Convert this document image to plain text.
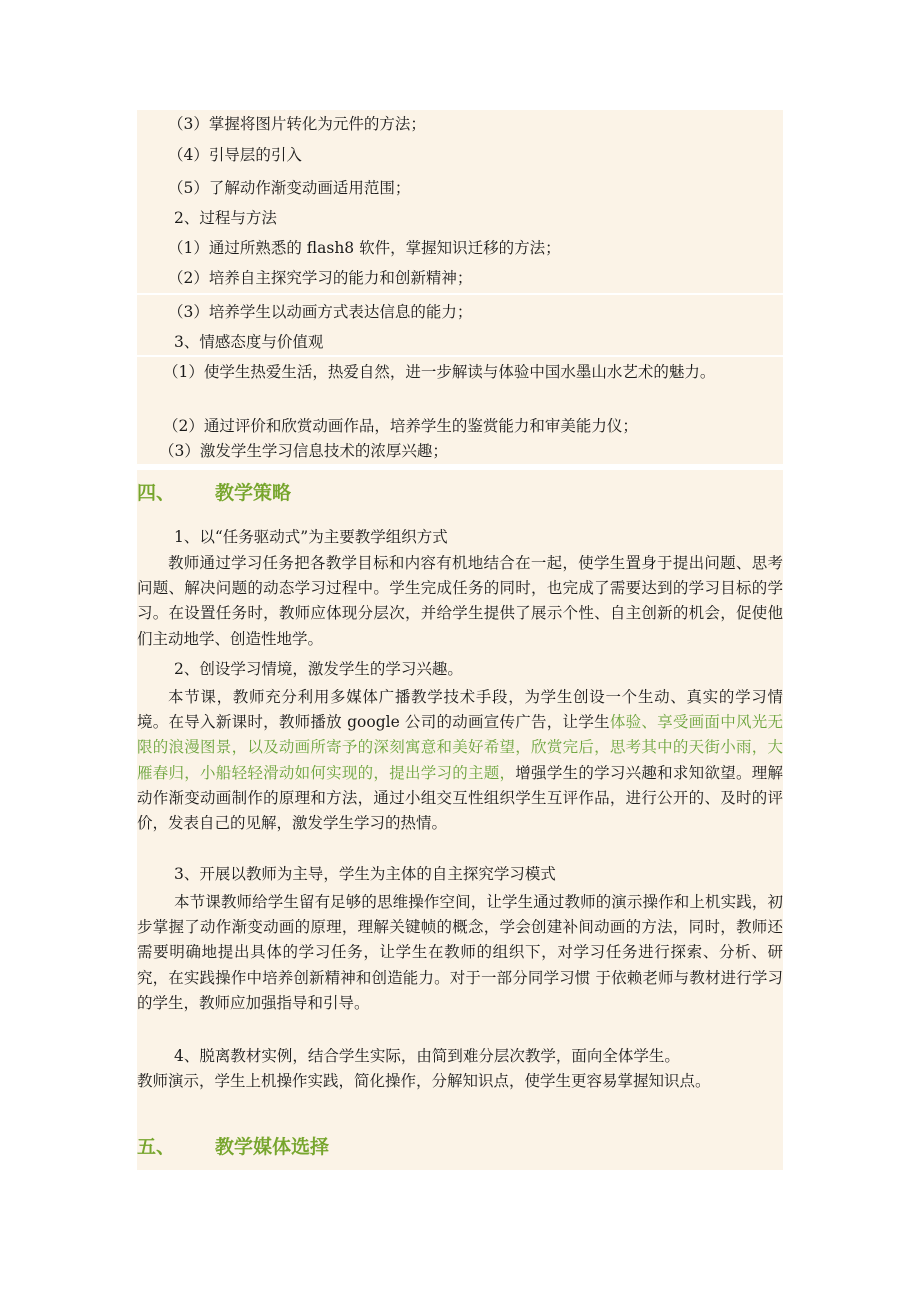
（3）掌握将图片转化为元件的方法；
（4）引导层的引入
（5）了解动作渐变动画适用范围；
2、过程与方法
（1）通过所熟悉的 flash8 软件，掌握知识迁移的方法；
（2）培养自主探究学习的能力和创新精神；
（3）培养学生以动画方式表达信息的能力；
3、情感态度与价值观
（1）使学生热爱生活，热爱自然，进一步解读与体验中国水墨山水艺术的魅力。
（2）通过评价和欣赏动画作品，培养学生的鉴赏能力和审美能力仪；
（3）激发学生学习信息技术的浓厚兴趣；
四、 教学策略
1、以“任务驱动式”为主要教学组织方式
教师通过学习任务把各教学目标和内容有机地结合在一起，使学生置身于提出问题、思考问题、解决问题的动态学习过程中。学生完成任务的同时，也完成了需要达到的学习目标的学习。在设置任务时，教师应体现分层次，并给学生提供了展示个性、自主创新的机会，促使他们主动地学、创造性地学。
2、创设学习情境，激发学生的学习兴趣。
本节课，教师充分利用多媒体广播教学技术手段，为学生创设一个生动、真实的学习情境。在导入新课时，教师播放 google 公司的动画宣传广告，让学生体验、享受画面中风光无限的浪漫图景，以及动画所寄予的深刻寓意和美好希望，欣赏完后，思考其中的天街小雨，大雁春归，小船轻轻滑动如何实现的，提出学习的主题，增强学生的学习兴趣和求知欲望。理解动作渐变动画制作的原理和方法，通过小组交互性组织学生互评作品，进行公开的、及时的评价，发表自己的见解，激发学生学习的热情。
3、开展以教师为主导，学生为主体的自主探究学习模式
本节课教师给学生留有足够的思维操作空间，让学生通过教师的演示操作和上机实践，初步掌握了动作渐变动画的原理，理解关键帧的概念，学会创建补间动画的方法，同时，教师还需要明确地提出具体的学习任务，让学生在教师的组织下，对学习任务进行探索、分析、研究，在实践操作中培养创新精神和创造能力。对于一部分同学习惯 于依赖老师与教材进行学习的学生，教师应加强指导和引导。
4、脱离教材实例，结合学生实际，由简到难分层次教学，面向全体学生。
教师演示，学生上机操作实践，简化操作，分解知识点，使学生更容易掌握知识点。
五、 教学媒体选择
